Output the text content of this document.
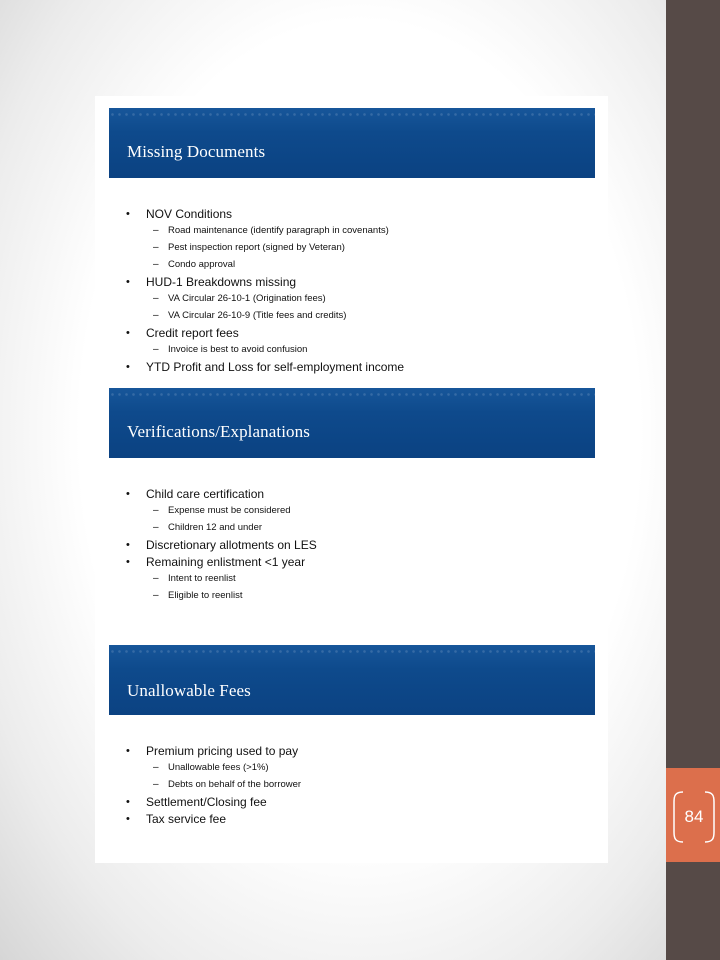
84
Missing Documents
• NOV Conditions
– Road maintenance (identify paragraph in covenants)
– Pest inspection report (signed by Veteran)
– Condo approval
• HUD-1 Breakdowns missing
– VA Circular 26-10-1 (Origination fees)
– VA Circular 26-10-9 (Title fees and credits)
• Credit report fees
– Invoice is best to avoid confusion
• YTD Profit and Loss for self-employment income
Verifications/Explanations
• Child care certification
– Expense must be considered
– Children 12 and under
• Discretionary allotments on LES
• Remaining enlistment <1 year
– Intent to reenlist
– Eligible to reenlist
Unallowable Fees
• Premium pricing used to pay
– Unallowable fees (>1%)
– Debts on behalf of the borrower
• Settlement/Closing fee
• Tax service fee
